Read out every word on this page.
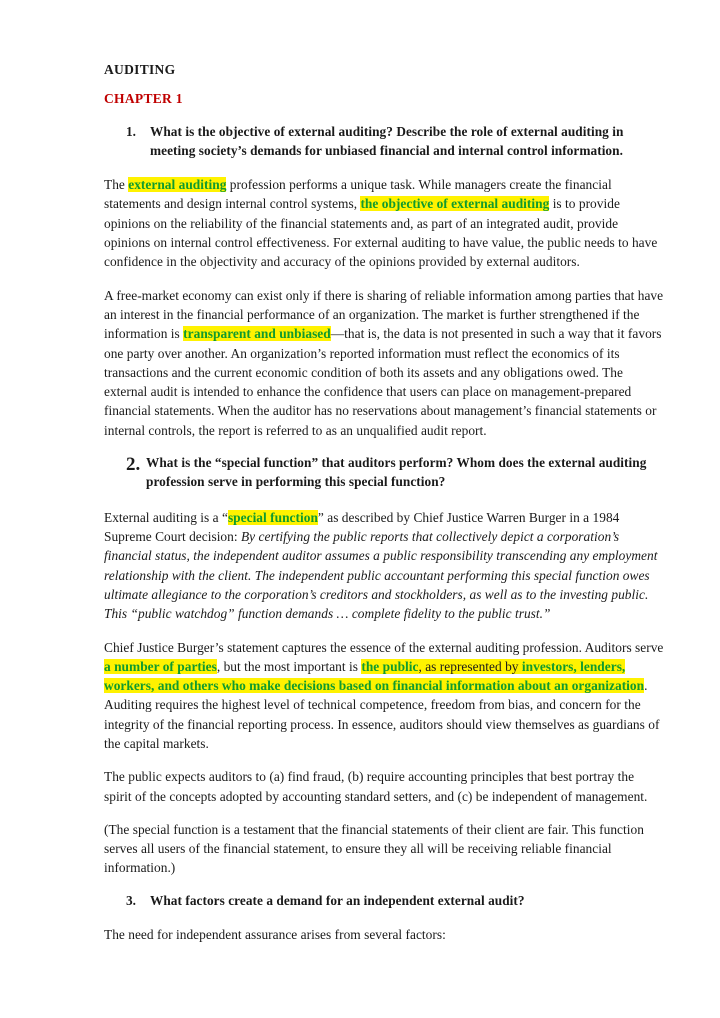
AUDITING
CHAPTER 1
1.	What is the objective of external auditing? Describe the role of external auditing in meeting society’s demands for unbiased financial and internal control information.

The external auditing profession performs a unique task. While managers create the financial statements and design internal control systems, the objective of external auditing is to provide opinions on the reliability of the financial statements and, as part of an integrated audit, provide opinions on internal control effectiveness. For external auditing to have value, the public needs to have confidence in the objectivity and accuracy of the opinions provided by external auditors.

A free-market economy can exist only if there is sharing of reliable information among parties that have an interest in the financial performance of an organization. The market is further strengthened if the information is transparent and unbiased—that is, the data is not presented in such a way that it favors one party over another. An organization’s reported information must reflect the economics of its transactions and the current economic condition of both its assets and any obligations owed. The external audit is intended to enhance the confidence that users can place on management-prepared financial statements. When the auditor has no reservations about management’s financial statements or internal controls, the report is referred to as an unqualified audit report.

2. What is the “special function” that auditors perform? Whom does the external auditing profession serve in performing this special function?

External auditing is a “special function” as described by Chief Justice Warren Burger in a 1984 Supreme Court decision: By certifying the public reports that collectively depict a corporation’s financial status, the independent auditor assumes a public responsibility transcending any employment relationship with the client. The independent public accountant performing this special function owes ultimate allegiance to the corporation’s creditors and stockholders, as well as to the investing public. This “public watchdog” function demands … complete fidelity to the public trust.”

Chief Justice Burger’s statement captures the essence of the external auditing profession. Auditors serve a number of parties, but the most important is the public, as represented by investors, lenders, workers, and others who make decisions based on financial information about an organization. Auditing requires the highest level of technical competence, freedom from bias, and concern for the integrity of the financial reporting process. In essence, auditors should view themselves as guardians of the capital markets.

The public expects auditors to (a) find fraud, (b) require accounting principles that best portray the spirit of the concepts adopted by accounting standard setters, and (c) be independent of management.

(The special function is a testament that the financial statements of their client are fair. This function serves all users of the financial statement, to ensure they all will be receiving reliable financial information.)

3.	What factors create a demand for an independent external audit?

The need for independent assurance arises from several factors:
